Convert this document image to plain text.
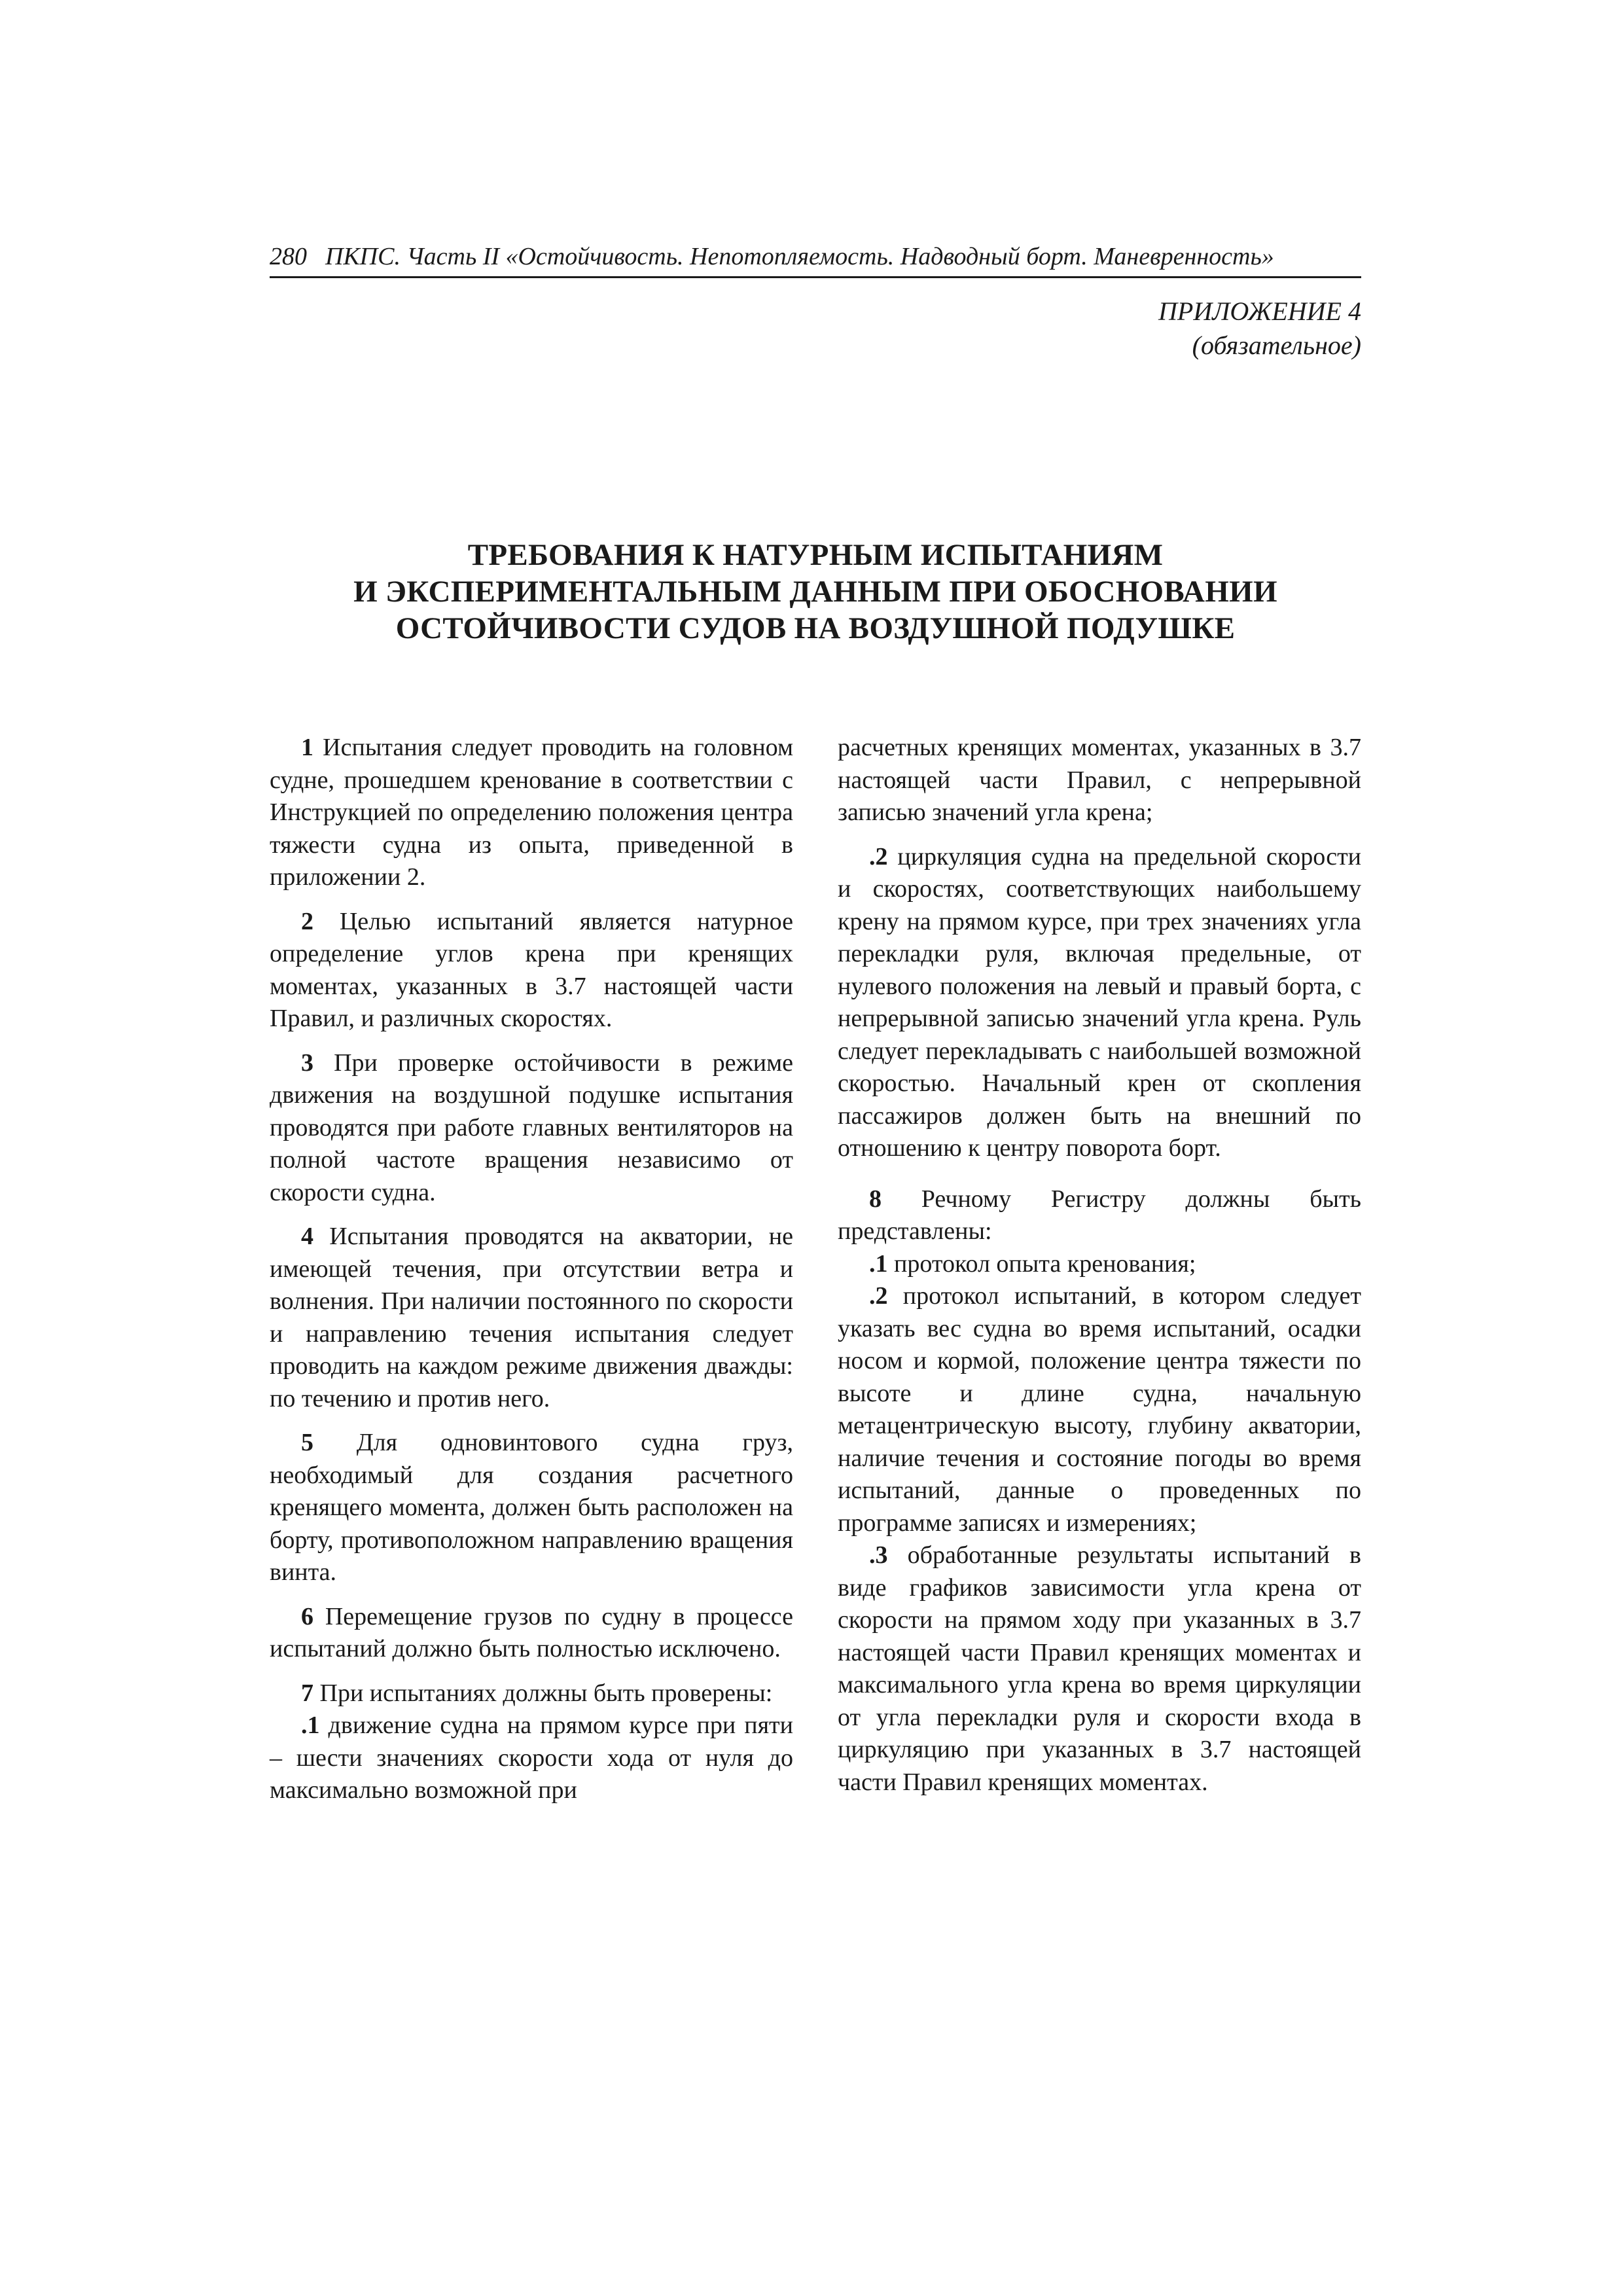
280 ПКПС. Часть II «Остойчивость. Непотопляемость. Надводный борт. Маневренность»
ПРИЛОЖЕНИЕ 4
(обязательное)
ТРЕБОВАНИЯ К НАТУРНЫМ ИСПЫТАНИЯМ
И ЭКСПЕРИМЕНТАЛЬНЫМ ДАННЫМ ПРИ ОБОСНОВАНИИ
ОСТОЙЧИВОСТИ СУДОВ НА ВОЗДУШНОЙ ПОДУШКЕ

1 Испытания следует проводить на головном судне, прошедшем кренование в соответствии с Инструкцией по определению положения центра тяжести судна из опыта, приведенной в приложении 2.

2 Целью испытаний является натурное определение углов крена при кренящих моментах, указанных в 3.7 настоящей части Правил, и различных скоростях.

3 При проверке остойчивости в режиме движения на воздушной подушке испытания проводятся при работе главных вентиляторов на полной частоте вращения независимо от скорости судна.

4 Испытания проводятся на акватории, не имеющей течения, при отсутствии ветра и волнения. При наличии постоянного по скорости и направлению течения испытания следует проводить на каждом режиме движения дважды: по течению и против него.

5 Для одновинтового судна груз, необходимый для создания расчетного кренящего момента, должен быть расположен на борту, противоположном направлению вращения винта.

6 Перемещение грузов по судну в процессе испытаний должно быть полностью исключено.

7 При испытаниях должны быть проверены:

.1 движение судна на прямом курсе при пяти – шести значениях скорости хода от нуля до максимально возможной при

расчетных кренящих моментах, указанных в 3.7 настоящей части Правил, с непрерывной записью значений угла крена;

.2 циркуляция судна на предельной скорости и скоростях, соответствующих наибольшему крену на прямом курсе, при трех значениях угла перекладки руля, включая предельные, от нулевого положения на левый и правый борта, с непрерывной записью значений угла крена. Руль следует перекладывать с наибольшей возможной скоростью. Начальный крен от скопления пассажиров должен быть на внешний по отношению к центру поворота борт.

8 Речному Регистру должны быть представлены:

.1 протокол опыта кренования;

.2 протокол испытаний, в котором следует указать вес судна во время испытаний, осадки носом и кормой, положение центра тяжести по высоте и длине судна, начальную метацентрическую высоту, глубину акватории, наличие течения и состояние погоды во время испытаний, данные о проведенных по программе записях и измерениях;

.3 обработанные результаты испытаний в виде графиков зависимости угла крена от скорости на прямом ходу при указанных в 3.7 настоящей части Правил кренящих моментах и максимального угла крена во время циркуляции от угла перекладки руля и скорости входа в циркуляцию при указанных в 3.7 настоящей части Правил кренящих моментах.
